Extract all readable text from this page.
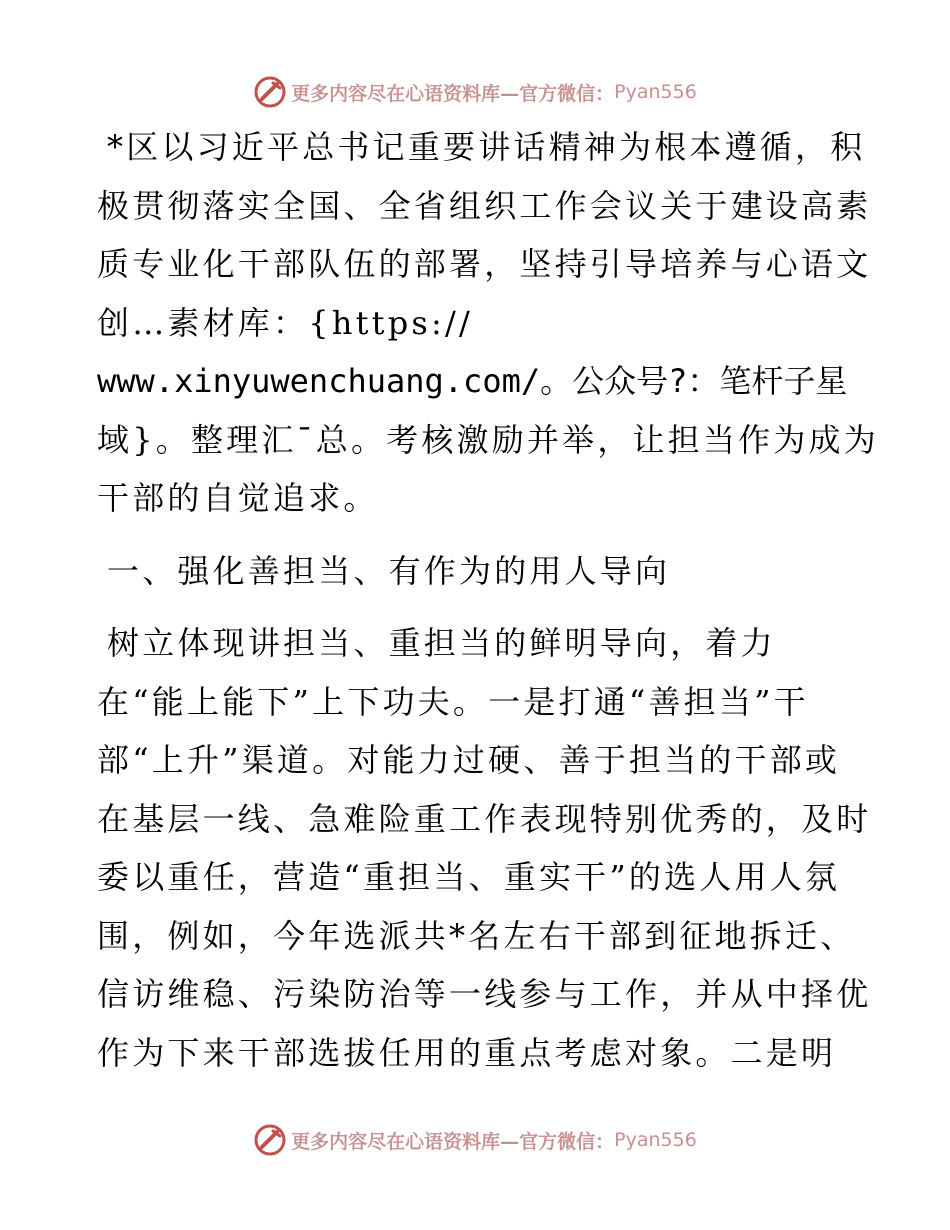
更多内容尽在心语资料库—官方微信： Pyan556
*区以习近平总书记重要讲话精神为根本遵循，积
极贯彻落实全国、全省组织工作会议关于建设高素
质专业化干部队伍的部署，坚持引导培养与心语文
创…素材库：{https://
www.xinyuwenchuang.com/。公众号?：笔杆子星
域}。整理汇¯总。考核激励并举，让担当作为成为
干部的自觉追求。
一、强化善担当、有作为的用人导向
树立体现讲担当、重担当的鲜明导向，着力
在“能上能下”上下功夫。一是打通“善担当”干
部“上升”渠道。对能力过硬、善于担当的干部或
在基层一线、急难险重工作表现特别优秀的，及时
委以重任，营造“重担当、重实干”的选人用人氛
围，例如，今年选派共*名左右干部到征地拆迁、
信访维稳、污染防治等一线参与工作，并从中择优
作为下来干部选拔任用的重点考虑对象。二是明
更多内容尽在心语资料库—官方微信： Pyan556
